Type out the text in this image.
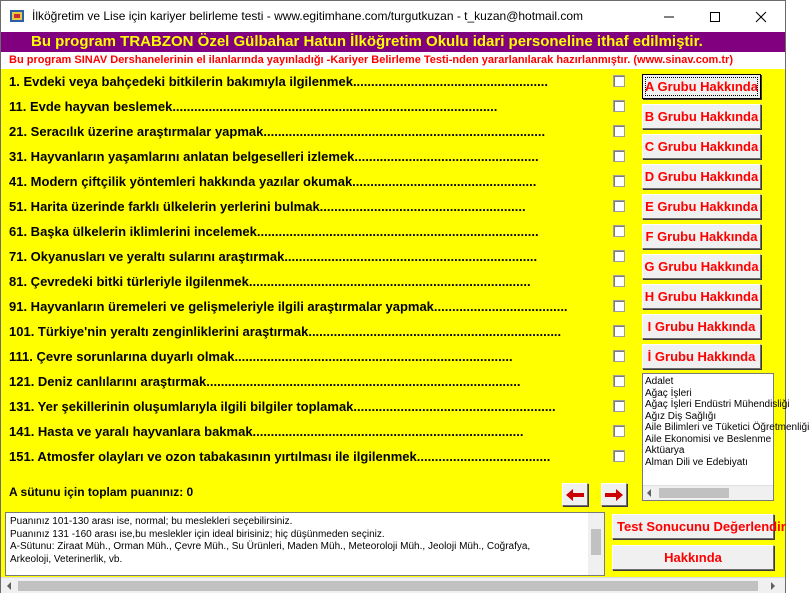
İlköğretim ve Lise için kariyer belirleme testi - www.egitimhane.com/turgutkuzan - t_kuzan@hotmail.com
Bu program TRABZON Özel Gülbahar Hatun İlköğretim Okulu idari personeline ithaf edilmiştir.
Bu program SINAV Dershanelerinin el ilanlarında yayınladığı -Kariyer Belirleme Testi-nden yararlanılarak hazırlanmıştır. (www.sinav.com.tr)
1. Evdeki veya bahçedeki bitkilerin bakımıyla ilgilenmek......................................................
11. Evde hayvan beslemek..........................................................................................
21. Seracılık üzerine araştırmalar yapmak..............................................................................
31. Hayvanların yaşamlarını anlatan belgeselleri izlemek...................................................
41. Modern çiftçilik yöntemleri hakkında yazılar okumak...................................................
51. Harita üzerinde farklı ülkelerin yerlerini bulmak.........................................................
61. Başka ülkelerin iklimlerini incelemek..............................................................................
71. Okyanusları ve yeraltı sularını araştırmak......................................................................
81. Çevredeki bitki türleriyle ilgilenmek..............................................................................
91. Hayvanların üremeleri ve gelişmeleriyle ilgili araştırmalar yapmak.....................................
101. Türkiye'nin yeraltı zenginliklerini araştırmak......................................................................
111. Çevre sorunlarına duyarlı olmak.............................................................................
121. Deniz canlılarını araştırmak.......................................................................................
131. Yer şekillerinin oluşumlarıyla ilgili bilgiler toplamak........................................................
141. Hasta ve yaralı hayvanlara bakmak...........................................................................
151. Atmosfer olayları ve ozon tabakasının yırtılması ile ilgilenmek.....................................
A Grubu Hakkında
B Grubu Hakkında
C Grubu Hakkında
D Grubu Hakkında
E Grubu Hakkında
F Grubu Hakkında
G Grubu Hakkında
H Grubu Hakkında
I Grubu Hakkında
İ Grubu Hakkında
Adalet
Ağaç İşleri
Ağaç İşleri Endüstri Mühendisliği
Ağız Diş Sağlığı
Aile Bilimleri ve Tüketici Öğretmenliği
Aile Ekonomisi ve Beslenme
Aktüarya
Alman Dili ve Edebiyatı
A sütunu için toplam puanınız: 0
Puanınız 101-130 arası ise, normal; bu meslekleri seçebilirsiniz.
Puanınız 131 -160 arası ise,bu meslekler için ideal birisiniz; hiç düşünmeden seçiniz.
A-Sütunu: Ziraat Müh., Orman Müh., Çevre Müh., Su Ürünleri, Maden Müh., Meteoroloji Müh., Jeoloji Müh., Coğrafya,
Arkeoloji, Veterinerlik, vb.
Test Sonucunu Değerlendir
Hakkında
